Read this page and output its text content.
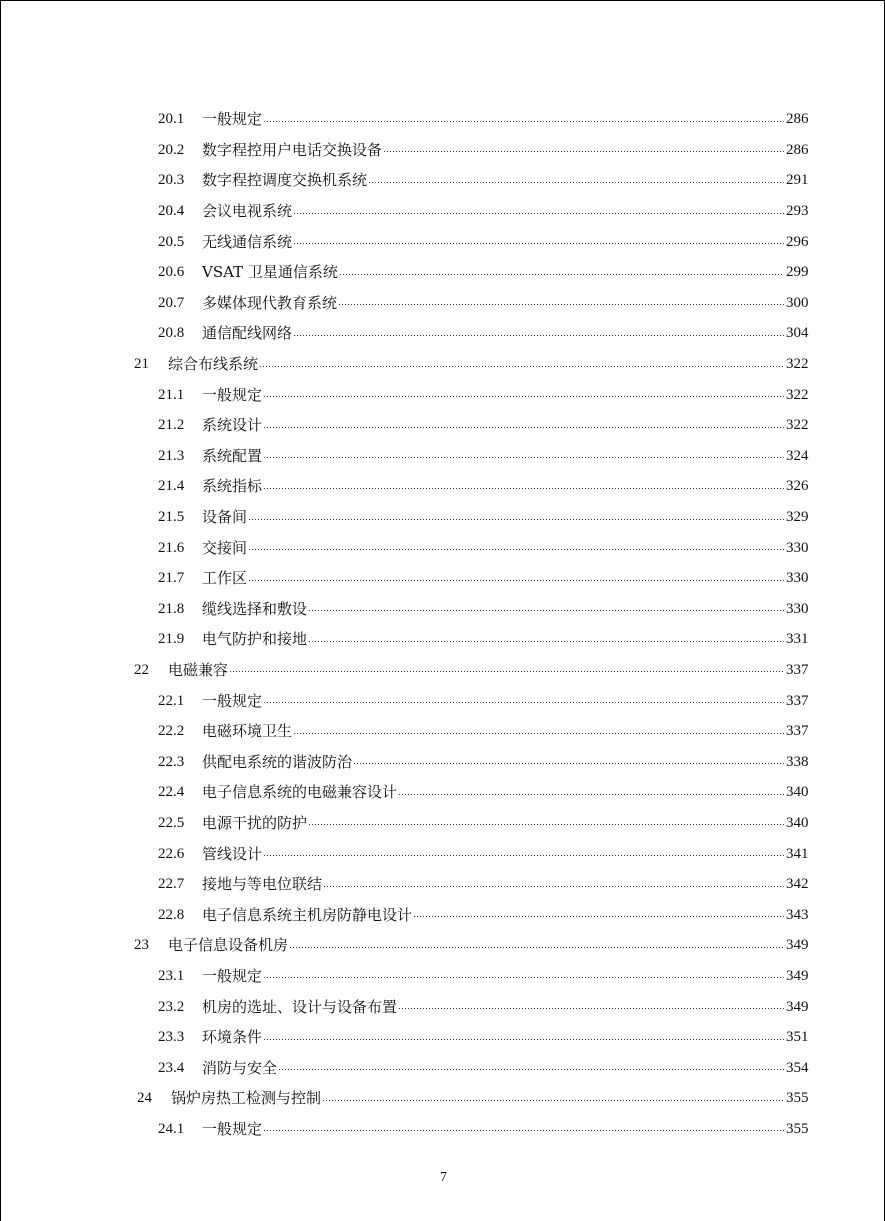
20.1	一般规定	286
20.2	数字程控用户电话交换设备	286
20.3	数字程控调度交换机系统	291
20.4	会议电视系统	293
20.5	无线通信系统	296
20.6	VSAT 卫星通信系统	299
20.7	多媒体现代教育系统	300
20.8	通信配线网络	304
21	综合布线系统	322
21.1	一般规定	322
21.2	系统设计	322
21.3	系统配置	324
21.4	系统指标	326
21.5	设备间	329
21.6	交接间	330
21.7	工作区	330
21.8	缆线选择和敷设	330
21.9	电气防护和接地	331
22	电磁兼容	337
22.1	一般规定	337
22.2	电磁环境卫生	337
22.3	供配电系统的谐波防治	338
22.4	电子信息系统的电磁兼容设计	340
22.5	电源干扰的防护	340
22.6	管线设计	341
22.7	接地与等电位联结	342
22.8	电子信息系统主机房防静电设计	343
23	电子信息设备机房	349
23.1	一般规定	349
23.2	机房的选址、设计与设备布置	349
23.3	环境条件	351
23.4	消防与安全	354
24	锅炉房热工检测与控制	355
24.1	一般规定	355
7
